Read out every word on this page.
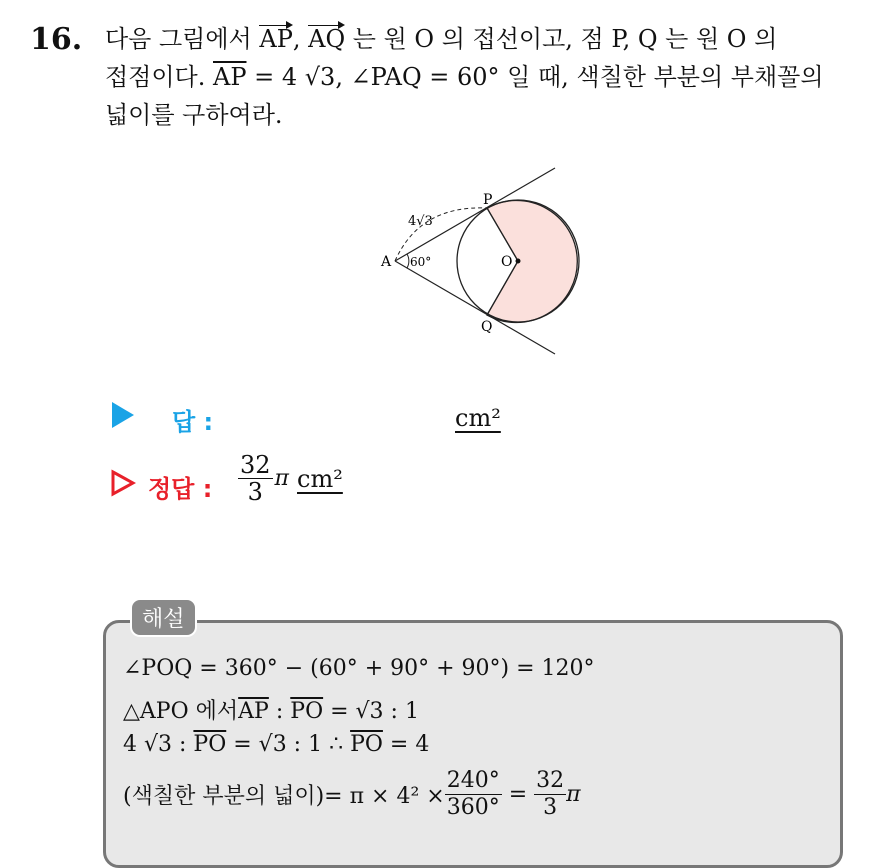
16. 다음 그림에서 AP, AQ 는 원 O 의 접선이고, 점 P, Q 는 원 O 의
접점이다. $\overline{AP} = 4$ √3, ∠PAQ = 60° 일 때, 색칠한 부분의 부채꼴의
넓이를 구하여라.
P
A	O
Q
4√3
60°
답 :	cm²
정답 : $\frac{32}{3}$ π cm²
해설
∠POQ = 360° − (60° + 90° + 90°) = 120°
△APO 에서$\overline{AP}$ : $\overline{PO} = √3$ : 1
4 √3 : $\overline{PO} = √3$ : 1 ∴ $\overline{PO} = 4$
(색칠한 부분의 넓이)= $\pi \times 4^2 \times \frac{240^\circ}{360^\circ} = \frac{32}{3}$ π
